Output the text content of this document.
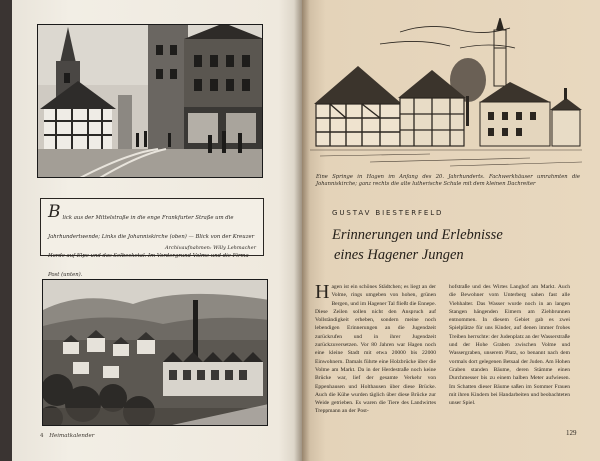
B lick aus der Mittelstraße in die enge Frankfurter Straße um die Jahrhundertwende; Links die Johanniskirche (oben) — Blick von der Kreuzer Horde auf Elpe und das Selbecketal. Im Vordergrund Volme und die Firma Post (unten).
Archivaufnahmen: Willy Lehmacher
4 Heimatkalender
Eine Springe in Hagen im Anfang des 20. Jahrhunderts. Fachwerkhäuser umrahmten die Johanniskirche; ganz rechts die alte lutherische Schule mit dem kleinen Dachreiter
GUSTAV BIESTERFELD
Erinnerungen und Erlebnisse
eines Hagener Jungen
H agen ist ein schönes Städtchen; es liegt an der Volme, rings umgeben von hohen, grünen Bergen, und im Hagener Tal fließt die Ennepe. Diese Zeilen sollen nicht den Anspruch auf Vollständigkeit erheben, sondern meine noch lebendigen Erinnerungen an die Jugendzeit zurückrufen und in ihrer Jugendzeit zurückzuversetzen. Vor 80 Jahren war Hagen noch eine kleine Stadt mit etwa 20000 bis 22000 Einwohnern. Damals führte eine Holzbrücke über die Volme am Markt. Da in der Herdestraße noch keine Brücke war, lief der gesamte Verkehr von Eppenhausen und Holthausen über diese Brücke. Auch die Kühe wurden täglich über diese Brücke zur Weide getrieben. Es waren die Tiere des Landwirtes Treppmann an der Post-
hofstraße und des Wirtes Langhof am Markt. Auch die Bewohner vom Unterberg sahen fast alle Viehhalter. Das Wasser wurde noch in an langen Stangen hängenden Eimern am Ziehbrunnen entnommen. In diesem Gebiet gab es zwei Spielplätze für uns Kinder, auf denen immer frohes Treiben herrschte: der Judenplatz an der Wasserstraße und der Hohe Graben zwischen Volme und Wassergraben, unserem Platz, so benannt nach dem vormals dort gelegenen Betsaal der Juden. Am Hohen Graben standen Bäume, deren Stämme einen Durchmesser bis zu einem halben Meter aufwiesen. Im Schatten dieser Bäume saßen im Sommer Frauen mit ihren Kindern bei Handarbeiten und beobachteten unser Spiel.
129
